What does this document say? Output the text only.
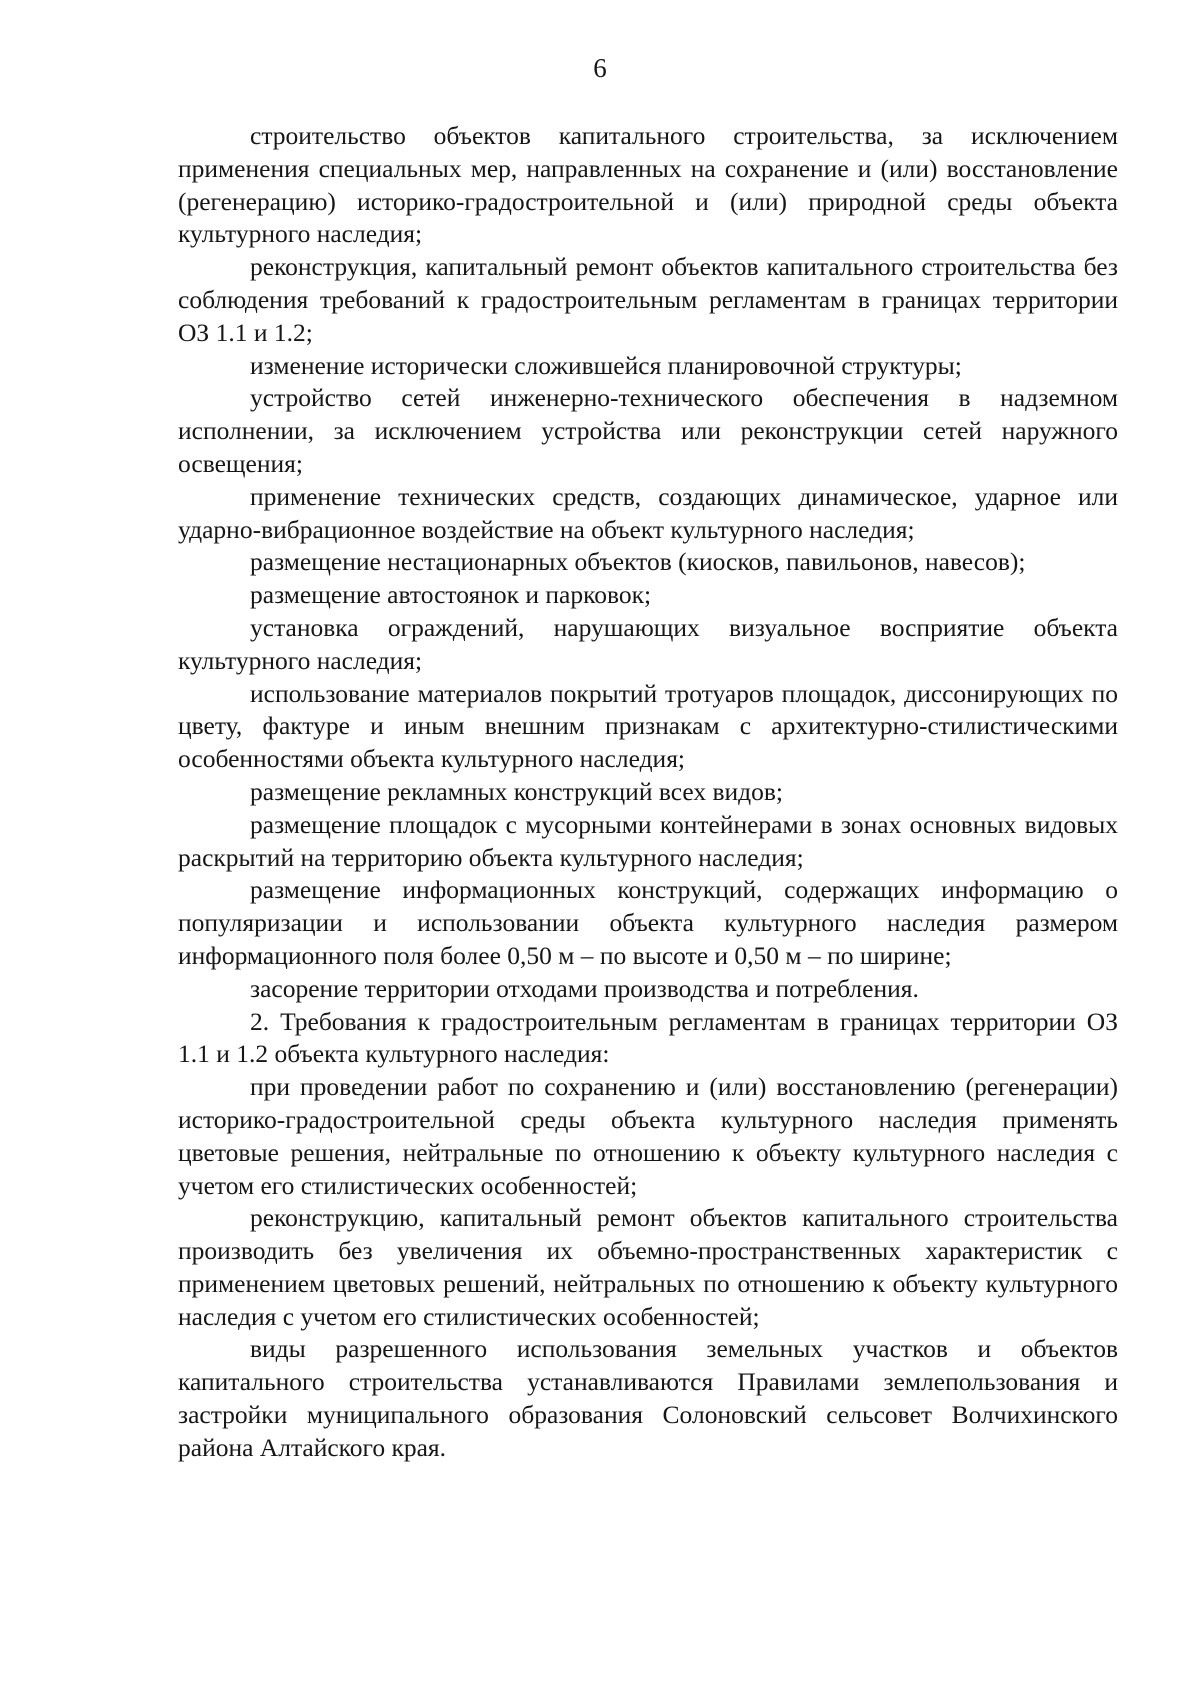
6

строительство объектов капитального строительства, за исключением применения специальных мер, направленных на сохранение и (или) восстановление (регенерацию) историко-градостроительной и (или) природной среды объекта культурного наследия;

реконструкция, капитальный ремонт объектов капитального строительства без соблюдения требований к градостроительным регламентам в границах территории ОЗ 1.1 и 1.2;

изменение исторически сложившейся планировочной структуры;

устройство сетей инженерно-технического обеспечения в надземном исполнении, за исключением устройства или реконструкции сетей наружного освещения;

применение технических средств, создающих динамическое, ударное или ударно-вибрационное воздействие на объект культурного наследия;

размещение нестационарных объектов (киосков, павильонов, навесов);

размещение автостоянок и парковок;

установка ограждений, нарушающих визуальное восприятие объекта культурного наследия;

использование материалов покрытий тротуаров площадок, диссонирующих по цвету, фактуре и иным внешним признакам с архитектурно-стилистическими особенностями объекта культурного наследия;

размещение рекламных конструкций всех видов;

размещение площадок с мусорными контейнерами в зонах основных видовых раскрытий на территорию объекта культурного наследия;

размещение информационных конструкций, содержащих информацию о популяризации и использовании объекта культурного наследия размером информационного поля более 0,50 м – по высоте и 0,50 м – по ширине;

засорение территории отходами производства и потребления.

2. Требования к градостроительным регламентам в границах территории ОЗ 1.1 и 1.2 объекта культурного наследия:

при проведении работ по сохранению и (или) восстановлению (регенерации) историко-градостроительной среды объекта культурного наследия применять цветовые решения, нейтральные по отношению к объекту культурного наследия с учетом его стилистических особенностей;

реконструкцию, капитальный ремонт объектов капитального строительства производить без увеличения их объемно-пространственных характеристик с применением цветовых решений, нейтральных по отношению к объекту культурного наследия с учетом его стилистических особенностей;

виды разрешенного использования земельных участков и объектов капитального строительства устанавливаются Правилами землепользования и застройки муниципального образования Солоновский сельсовет Волчихинского района Алтайского края.
